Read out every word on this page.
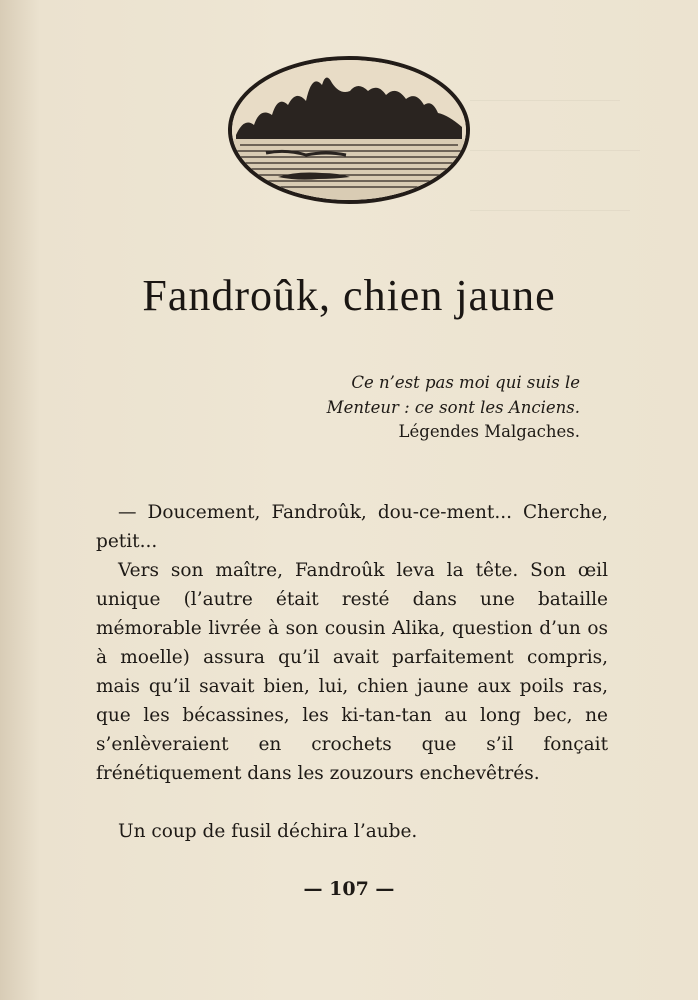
Fandroûk, chien jaune
Ce n’est pas moi qui suis le
Menteur : ce sont les Anciens.
Légendes Malgaches.
— Doucement, Fandroûk, dou-ce-ment... Cherche, petit...
Vers son maître, Fandroûk leva la tête. Son œil unique (l’autre était resté dans une bataille mémorable livrée à son cousin Alika, question d’un os à moelle) assura qu’il avait parfaitement compris, mais qu’il savait bien, lui, chien jaune aux poils ras, que les bécassines, les ki-tan-tan au long bec, ne s’enlèveraient en crochets que s’il fonçait frénétiquement dans les zouzours enchevêtrés.
Un coup de fusil déchira l’aube.
— 107 —
